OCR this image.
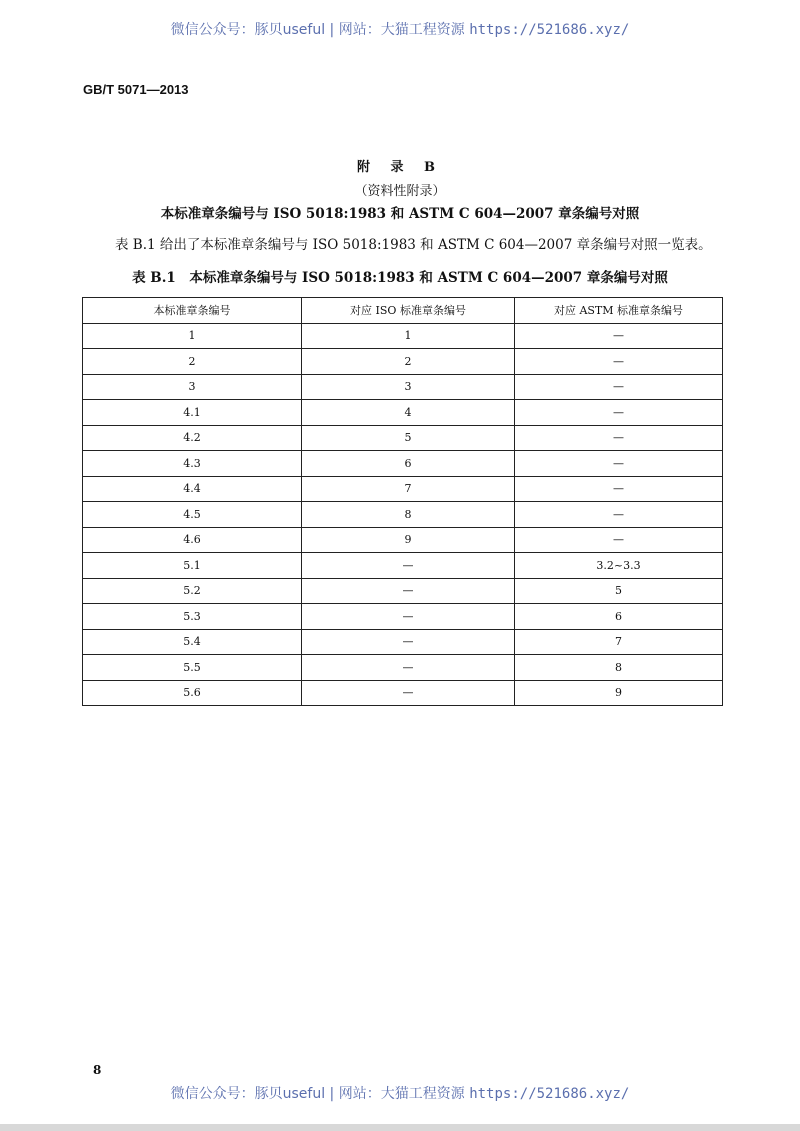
微信公众号：豚贝useful | 网站：大猫工程资源 https://521686.xyz/
GB/T 5071—2013
附 录 B
（资料性附录）
本标准章条编号与 ISO 5018:1983 和 ASTM C 604—2007 章条编号对照
表 B.1 给出了本标准章条编号与 ISO 5018:1983 和 ASTM C 604—2007 章条编号对照一览表。
表 B.1　本标准章条编号与 ISO 5018:1983 和 ASTM C 604—2007 章条编号对照
本标准章条编号	对应 ISO 标准章条编号	对应 ASTM 标准章条编号
1	1	—
2	2	—
3	3	—
4.1	4	—
4.2	5	—
4.3	6	—
4.4	7	—
4.5	8	—
4.6	9	—
5.1	—	3.2~3.3
5.2	—	5
5.3	—	6
5.4	—	7
5.5	—	8
5.6	—	9
8
微信公众号：豚贝useful | 网站：大猫工程资源 https://521686.xyz/
